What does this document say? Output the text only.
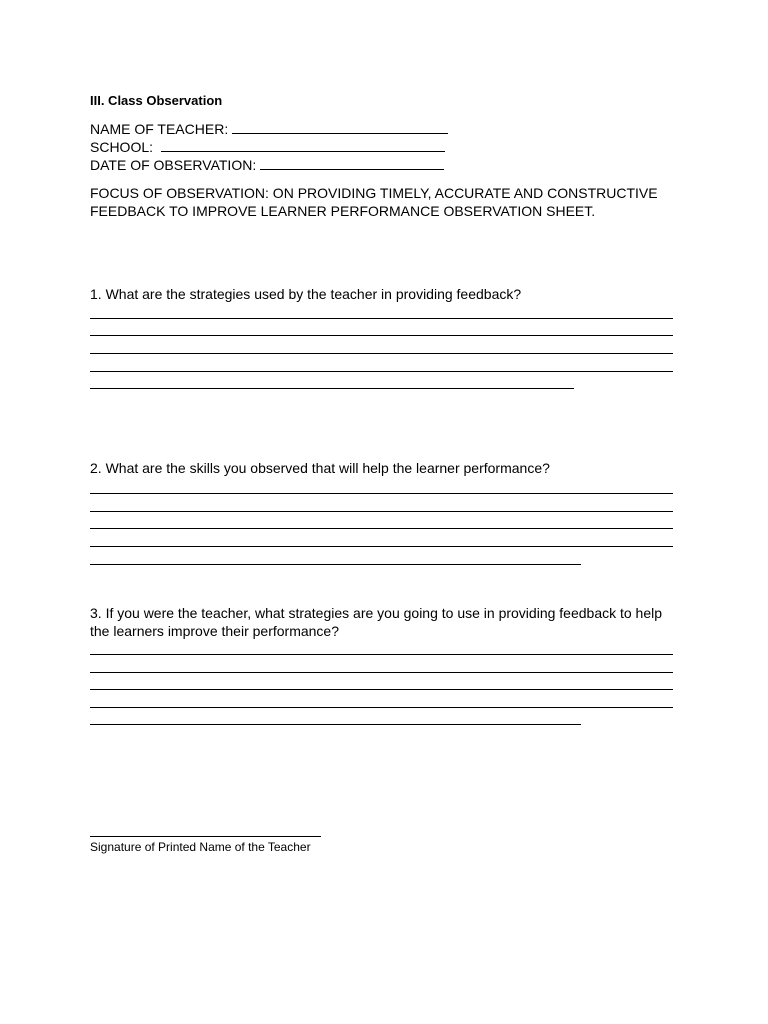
III. Class Observation
NAME OF TEACHER:
SCHOOL:
DATE OF OBSERVATION:
FOCUS OF OBSERVATION: ON PROVIDING TIMELY, ACCURATE AND CONSTRUCTIVE FEEDBACK TO IMPROVE LEARNER PERFORMANCE OBSERVATION SHEET.
1. What are the strategies used by the teacher in providing feedback?
2. What are the skills you observed that will help the learner performance?
3. If you were the teacher, what strategies are you going to use in providing feedback to help the learners improve their performance?
Signature of Printed Name of the Teacher
